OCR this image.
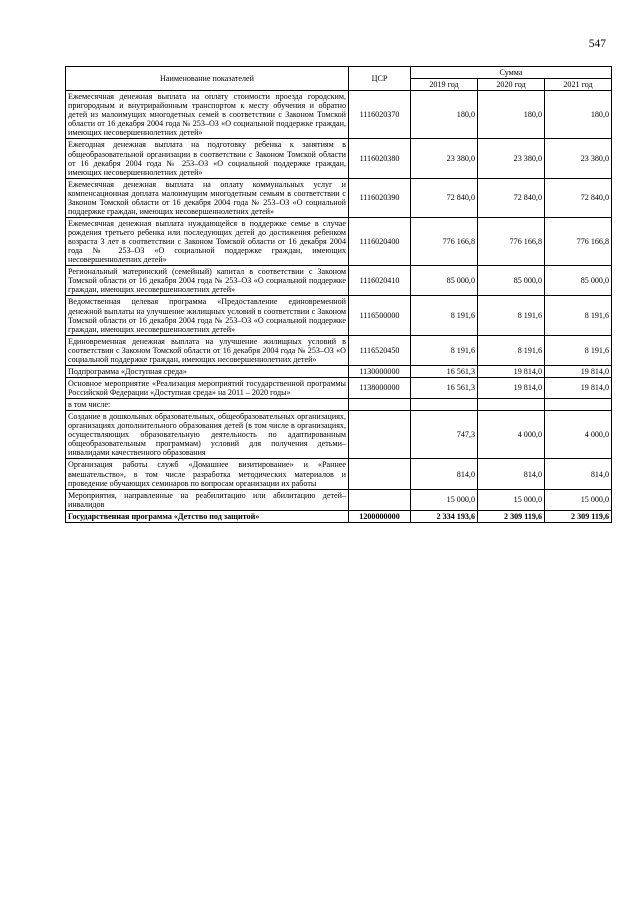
547
Наименование показателей	ЦСР	Сумма		
		2019 год	2020 год	2021 год
Ежемесячная денежная выплата на оплату стоимости проезда городским, пригородным и внутрирайонным транспортом к месту обучения и обратно детей из малоимущих многодетных семей в соответствии с Законом Томской области от 16 декабря 2004 года № 253–ОЗ «О социальной поддержке граждан, имеющих несовершеннолетних детей»	1116020370	180,0	180,0	180,0
Ежегодная денежная выплата на подготовку ребенка к занятиям в общеобразовательной организации в соответствии с Законом Томской области от 16 декабря 2004 года № 253–ОЗ «О социальной поддержке граждан, имеющих несовершеннолетних детей»	1116020380	23 380,0	23 380,0	23 380,0
Ежемесячная денежная выплата на оплату коммунальных услуг и компенсационная доплата малоимущим многодетным семьям в соответствии с Законом Томской области от 16 декабря 2004 года № 253–ОЗ «О социальной поддержке граждан, имеющих несовершеннолетних детей»	1116020390	72 840,0	72 840,0	72 840,0
Ежемесячная денежная выплата нуждающейся в поддержке семье в случае рождения третьего ребенка или последующих детей до достижения ребенком возраста 3 лет в соответствии с Законом Томской области от 16 декабря 2004 года № 253–ОЗ «О социальной поддержке граждан, имеющих несовершеннолетних детей»	1116020400	776 166,8	776 166,8	776 166,8
Региональный материнский (семейный) капитал в соответствии с Законом Томской области от 16 декабря 2004 года № 253–ОЗ «О социальной поддержке граждан, имеющих несовершеннолетних детей»	1116020410	85 000,0	85 000,0	85 000,0
Ведомственная целевая программа «Предоставление единовременной денежной выплаты на улучшение жилищных условий в соответствии с Законом Томской области от 16 декабря 2004 года № 253–ОЗ «О социальной поддержке граждан, имеющих несовершеннолетних детей»	1116500000	8 191,6	8 191,6	8 191,6
Единовременная денежная выплата на улучшение жилищных условий в соответствии с Законом Томской области от 16 декабря 2004 года № 253–ОЗ «О социальной поддержке граждан, имеющих несовершеннолетних детей»	1116520450	8 191,6	8 191,6	8 191,6
Подпрограмма «Доступная среда»	1130000000	16 561,3	19 814,0	19 814,0
Основное мероприятие «Реализация мероприятий государственной программы Российской Федерации «Доступная среда» на 2011 – 2020 годы»	1138000000	16 561,3	19 814,0	19 814,0
в том числе:				
Создание в дошкольных образовательных, общеобразовательных организациях, организациях дополнительного образования детей (в том числе в организациях, осуществляющих образовательную деятельность по адаптированным общеобразовательным программам) условий для получения детьми–инвалидами качественного образования		747,3	4 000,0	4 000,0
Организация работы служб «Домашнее визитирование» и «Раннее вмешательство», в том числе разработка методических материалов и проведение обучающих семинаров по вопросам организации их работы		814,0	814,0	814,0
Мероприятия, направленные на реабилитацию или абилитацию детей–инвалидов		15 000,0	15 000,0	15 000,0
Государственная программа «Детство под защитой»	1200000000	2 334 193,6	2 309 119,6	2 309 119,6
